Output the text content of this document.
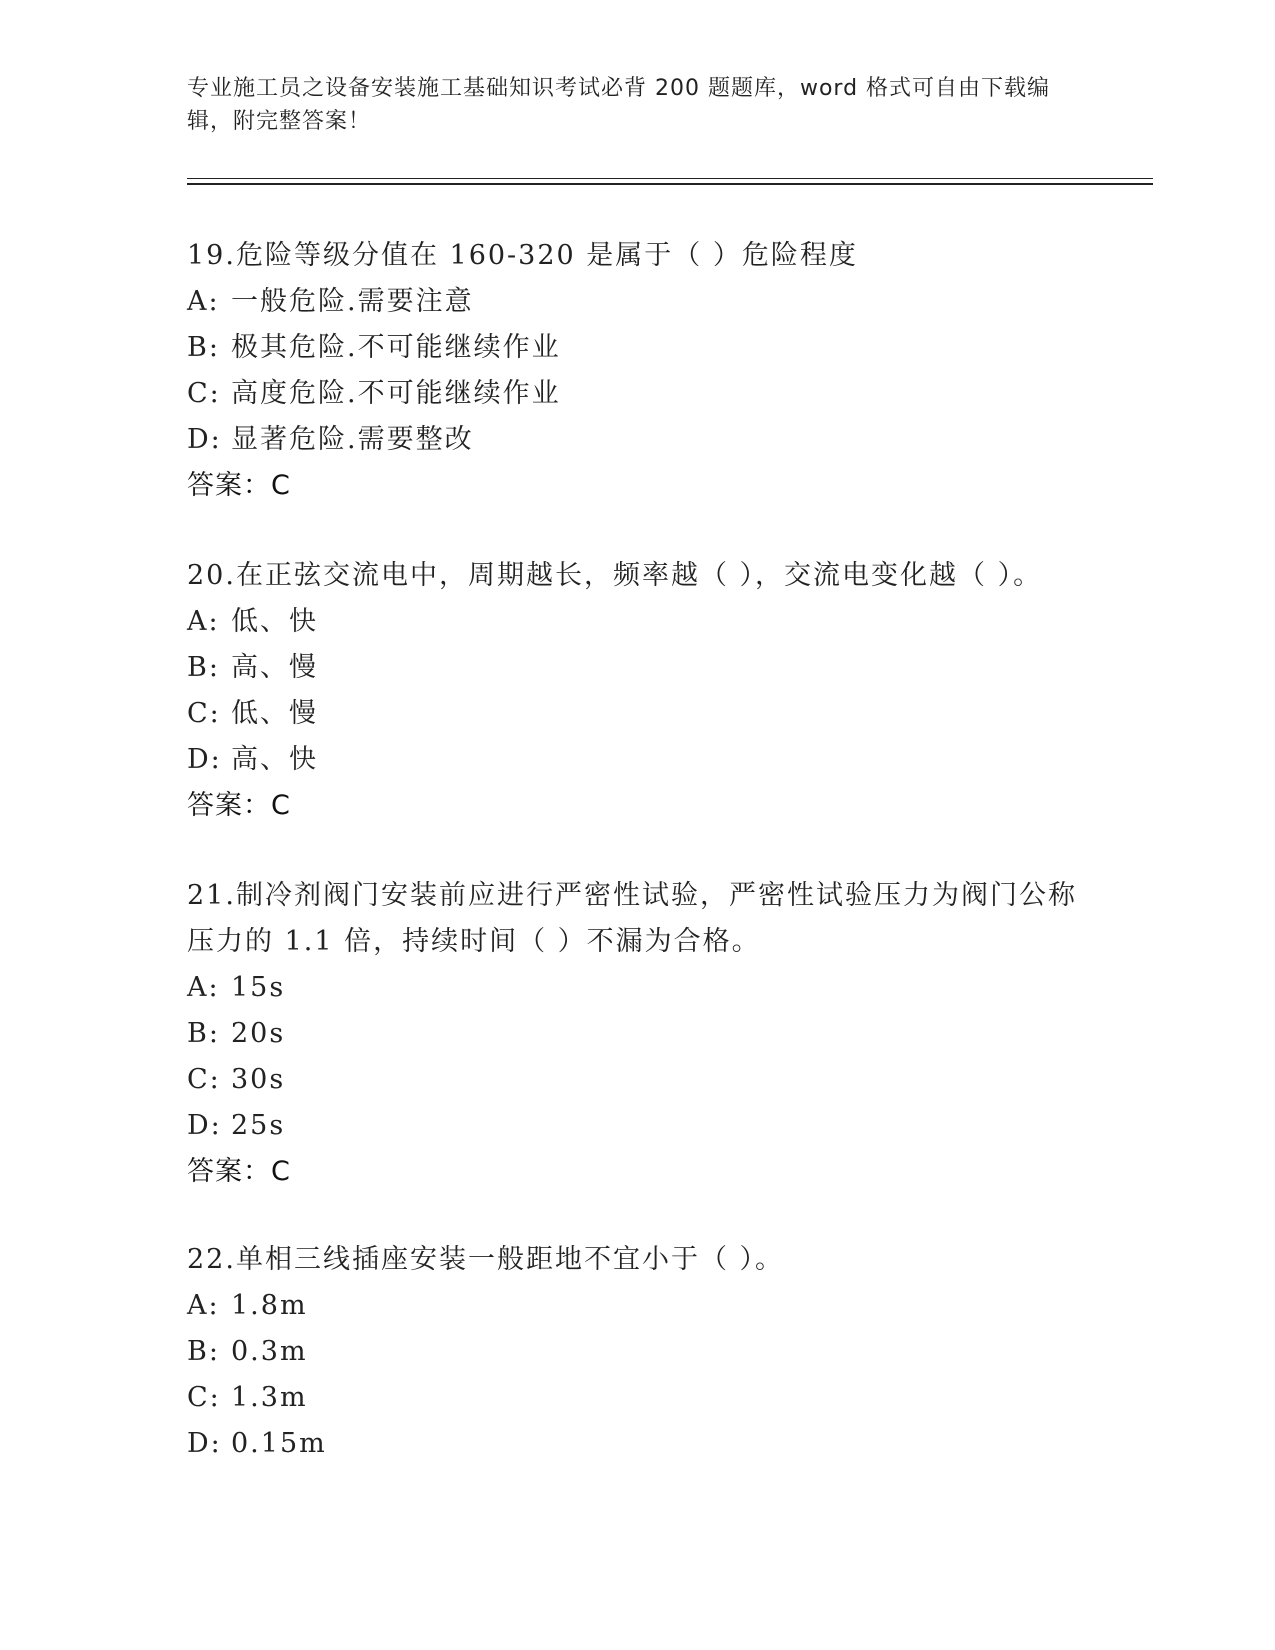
专业施工员之设备安装施工基础知识考试必背 200 题题库，word 格式可自由下载编辑，附完整答案！

19.危险等级分值在 160-320 是属于（ ）危险程度

A: 一般危险.需要注意
B: 极其危险.不可能继续作业
C: 高度危险.不可能继续作业
D: 显著危险.需要整改
答案：C

20.在正弦交流电中，周期越长，频率越（ ），交流电变化越（ ）。

A: 低、快
B: 高、慢
C: 低、慢
D: 高、快
答案：C

21.制冷剂阀门安装前应进行严密性试验，严密性试验压力为阀门公称压力的 1.1 倍，持续时间（ ）不漏为合格。

A: 15s
B: 20s
C: 30s
D: 25s
答案：C

22.单相三线插座安装一般距地不宜小于（ ）。

A: 1.8m
B: 0.3m
C: 1.3m
D: 0.15m
